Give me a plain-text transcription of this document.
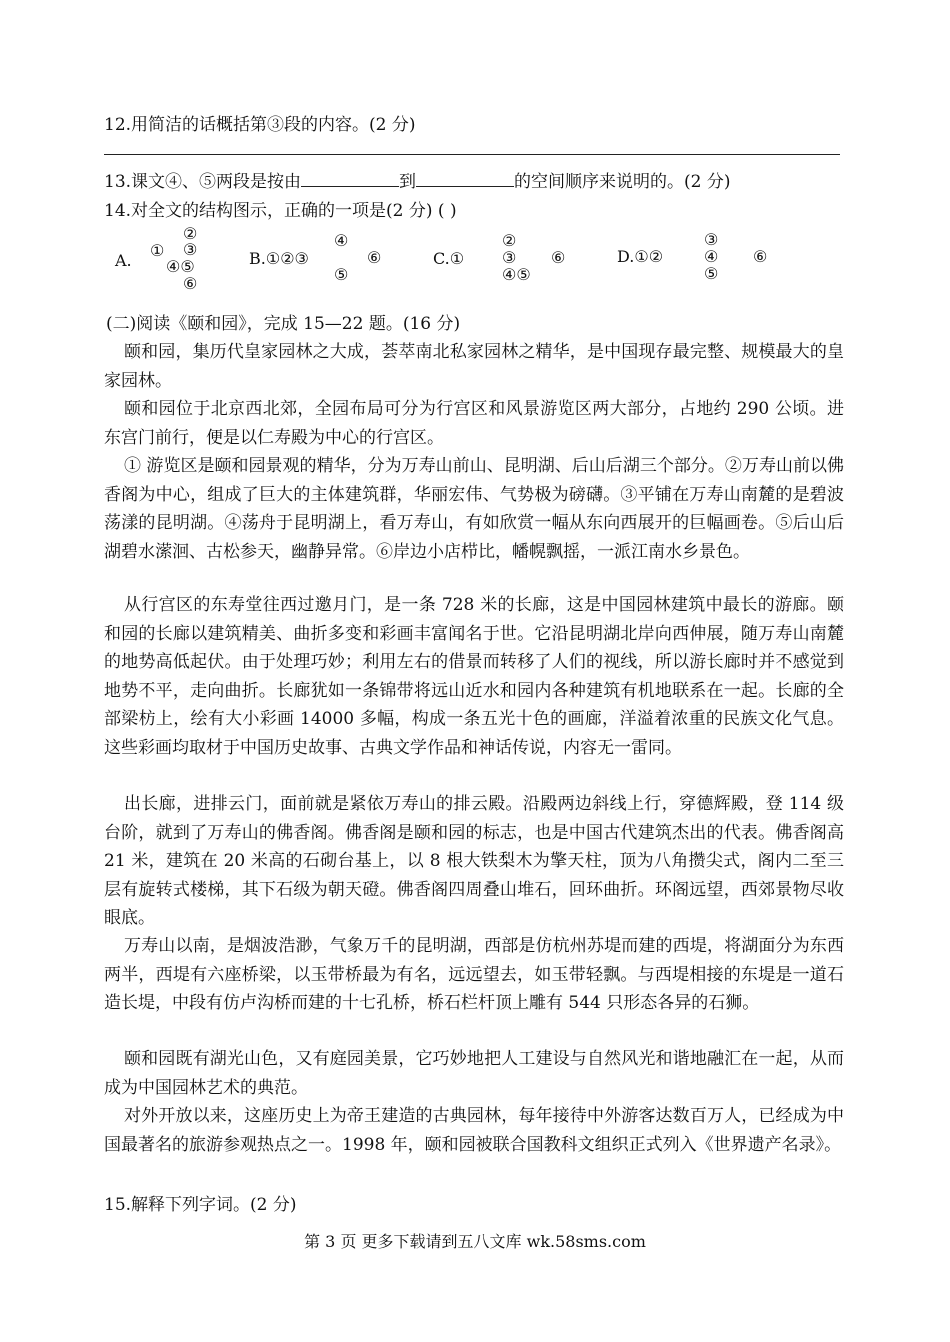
12.用简洁的话概括第③段的内容。(2 分)
13.课文④、⑤两段是按由	到	的空间顺序来说明的。(2 分)
14.对全文的结构图示，正确的一项是(2 分) ( )
A.
①
②
③
④⑤
⑥
B.①②③
④
⑤
⑥	C.①
②
③
④⑤
⑥	D.①②
③
④
⑤
⑥
(二)阅读《颐和园》，完成 15—22 题。(16 分)
颐和园，集历代皇家园林之大成，荟萃南北私家园林之精华，是中国现存最完整、规模最大的皇家园林。
颐和园位于北京西北郊，全园布局可分为行宫区和风景游览区两大部分，占地约 290 公顷。进东宫门前行，便是以仁寿殿为中心的行宫区。
① 游览区是颐和园景观的精华，分为万寿山前山、昆明湖、后山后湖三个部分。②万寿山前以佛香阁为中心，组成了巨大的主体建筑群，华丽宏伟、气势极为磅礴。③平铺在万寿山南麓的是碧波荡漾的昆明湖。④荡舟于昆明湖上，看万寿山，有如欣赏一幅从东向西展开的巨幅画卷。⑤后山后湖碧水潆洄、古松参天，幽静异常。⑥岸边小店栉比，幡幌飘摇，一派江南水乡景色。
从行宫区的东寿堂往西过邀月门，是一条 728 米的长廊，这是中国园林建筑中最长的游廊。颐和园的长廊以建筑精美、曲折多变和彩画丰富闻名于世。它沿昆明湖北岸向西伸展，随万寿山南麓的地势高低起伏。由于处理巧妙；利用左右的借景而转移了人们的视线，所以游长廊时并不感觉到地势不平，走向曲折。长廊犹如一条锦带将远山近水和园内各种建筑有机地联系在一起。长廊的全部梁枋上，绘有大小彩画 14000 多幅，构成一条五光十色的画廊，洋溢着浓重的民族文化气息。这些彩画均取材于中国历史故事、古典文学作品和神话传说，内容无一雷同。
出长廊，进排云门，面前就是紧依万寿山的排云殿。沿殿两边斜线上行，穿德辉殿，登 114 级台阶，就到了万寿山的佛香阁。佛香阁是颐和园的标志，也是中国古代建筑杰出的代表。佛香阁高 21 米，建筑在 20 米高的石砌台基上，以 8 根大铁梨木为擎天柱，顶为八角攒尖式，阁内二至三层有旋转式楼梯，其下石级为朝天磴。佛香阁四周叠山堆石，回环曲折。环阁远望，西郊景物尽收眼底。
万寿山以南，是烟波浩渺，气象万千的昆明湖，西部是仿杭州苏堤而建的西堤，将湖面分为东西两半，西堤有六座桥梁，以玉带桥最为有名，远远望去，如玉带轻飘。与西堤相接的东堤是一道石造长堤，中段有仿卢沟桥而建的十七孔桥，桥石栏杆顶上雕有 544 只形态各异的石狮。
颐和园既有湖光山色，又有庭园美景，它巧妙地把人工建设与自然风光和谐地融汇在一起，从而成为中国园林艺术的典范。
对外开放以来，这座历史上为帝王建造的古典园林，每年接待中外游客达数百万人，已经成为中国最著名的旅游参观热点之一。1998 年，颐和园被联合国教科文组织正式列入《世界遗产名录》。
15.解释下列字词。(2 分)
第 3 页 更多下载请到五八文库 wk.58sms.com
